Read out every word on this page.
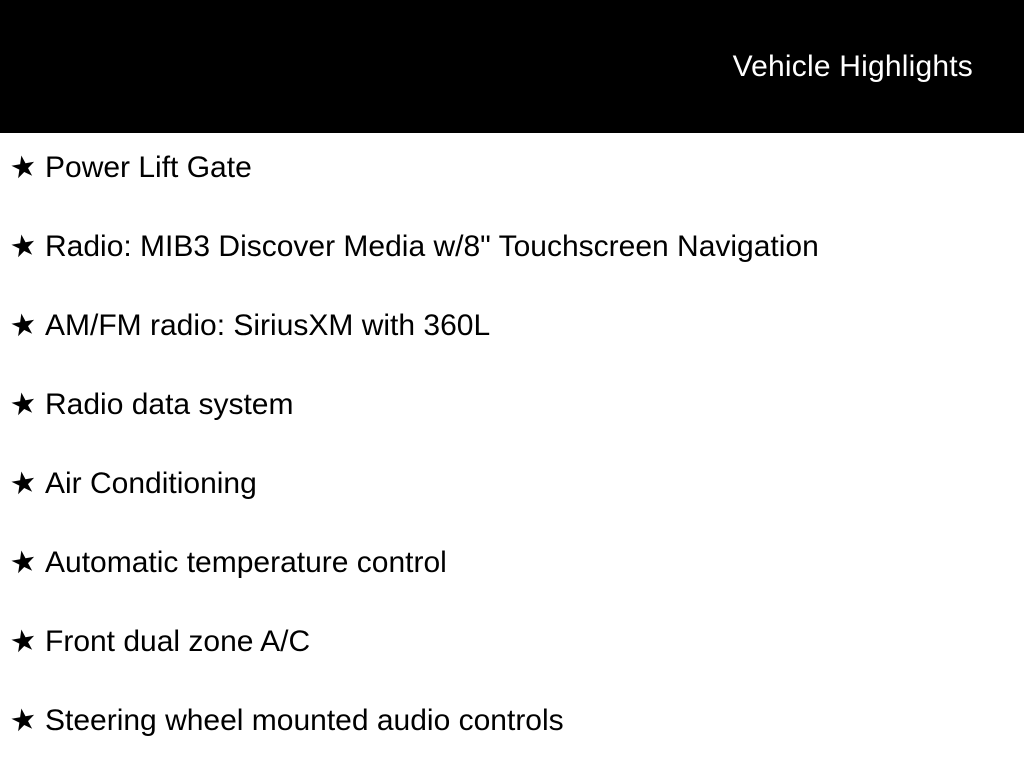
Vehicle Highlights
★ Power Lift Gate
★ Radio: MIB3 Discover Media w/8" Touchscreen Navigation
★ AM/FM radio: SiriusXM with 360L
★ Radio data system
★ Air Conditioning
★ Automatic temperature control
★ Front dual zone A/C
★ Steering wheel mounted audio controls
